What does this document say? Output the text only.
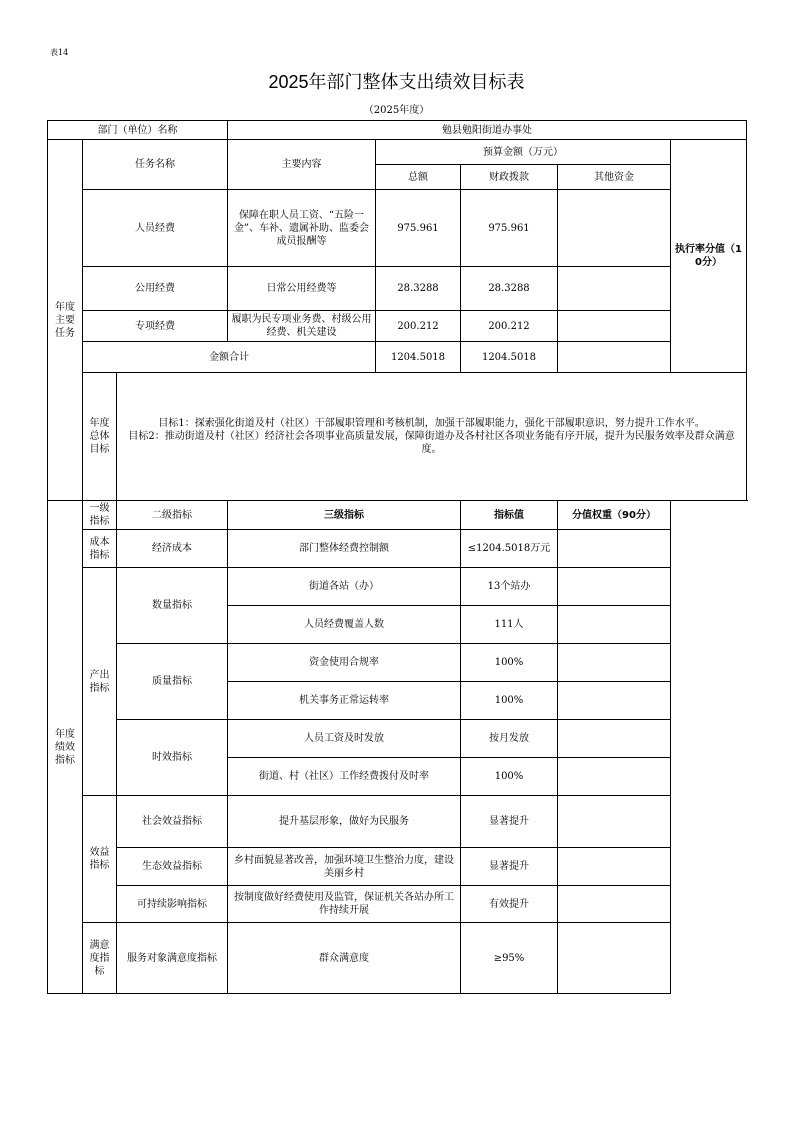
表14
2025年部门整体支出绩效目标表
（2025年度）
部门（单位）名称			勉县勉阳街道办事处				
年度主要任务	任务名称		主要内容	预算金额（万元）			执行率分值（10分）
				总额	财政拨款	其他资金	
	人员经费		保障在职人员工资、“五险一金”、车补、遗属补助、监委会成员报酬等	975.961	975.961		
	公用经费		日常公用经费等	28.3288	28.3288		
	专项经费		履职为民专项业务费、村级公用经费、机关建设	200.212	200.212		
	金额合计			1204.5018	1204.5018		
	年度总体目标	目标1：探索强化街道及村（社区）干部履职管理和考核机制，加强干部履职能力，强化干部履职意识，努力提升工作水平。
目标2：推动街道及村（社区）经济社会各项事业高质量发展，保障街道办及各村社区各项业务能有序开展，提升为民服务效率及群众满意度。					

年度绩效指标	一级指标	二级指标	三级指标		指标值	分值权重（90分）	
	成本指标	经济成本	部门整体经费控制额		≤1204.5018万元		
	产出指标	数量指标	街道各站（办）		13个站办		
			人员经费覆盖人数		111人		
		质量指标	资金使用合规率		100%		
			机关事务正常运转率		100%		
		时效指标	人员工资及时发放		按月发放		
			街道、村（社区）工作经费拨付及时率		100%		
	效益指标	社会效益指标	提升基层形象，做好为民服务		显著提升		
		生态效益指标	乡村面貌显著改善，加强环境卫生整治力度，建设美丽乡村		显著提升		
		可持续影响指标	按制度做好经费使用及监管，保证机关各站办所工作持续开展		有效提升		
	满意度指标	服务对象满意度指标	群众满意度		≥95%		
